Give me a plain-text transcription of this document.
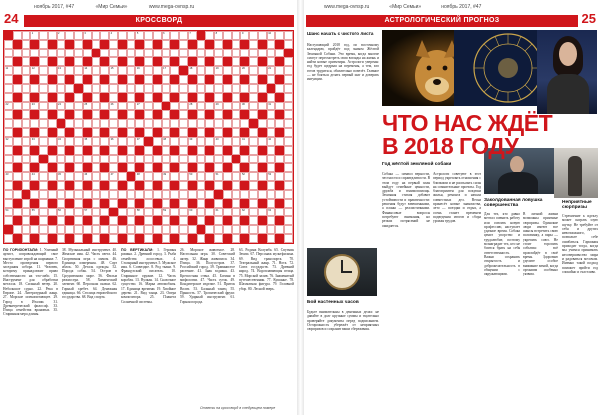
ноябрь 2017, #47	«Мир Семьи»	www.mega-ovnsp.ru
24	КРОССВОРД
1	2	3	4	5	6	7	8	9	10
11	12	13	14	15	16	17	18	19	20	21
22	23	24	25	26	27	28	29	30	31
32	33	34	35	36	37	38	39	40	41	42
43	44	45	46	47	48	49	50	51	52	53
54	55	56	57	58	59	60	61	62	63
ПО ГОРИЗОНТАЛИ: 1. Уличный артист, сопровождающий свое выступление игрой на шарманке. 7. Место проведения первого заседания собора. 11. Человек, которому принадлежит право собственности на что-либо. 15. Инструмент для обработки металла. 18. Сильный ветер. 20. Небольшое судно. 22. Река в Европе. 24. Литературный жанр. 27. Морское млекопитающее. 29. Город в Италии. 31. Древнегреческий философ. 33. Птица семейства врановых. 35. Старинная мера длины.
38. Музыкальный инструмент. 40. Женское имя. 42. Часть света. 44. Спортивная игра с мячом. 46. Единица измерения. 48. Сорт яблок. 50. Деталь одежды. 52. Порода собак. 54. Остров в Средиземном море. 56. Фильм режиссера. 58. Химический элемент. 60. Персонаж сказки. 62. Горный хребет. 64. Денежная единица. 66. Столица европейского государства. 68. Вид спорта.
ПО ВЕРТИКАЛИ: 1. Героиня романа. 2. Древний город. 3. Рыба семейства лососевых. 4. Столярный инструмент. 5. Мужское имя. 6. Созвездие. 8. Род ткани. 9. Французский писатель. 10. Старинное оружие. 12. Часть корабля. 13. Вулкан. 14. Сказочное существо. 16. Марка автомобиля. 17. Единица времени. 19. Хвойное дерево. 21. Вид танца. 23. Опера композитора. 25. Планета Солнечной системы.
26. Морское животное. 28. Настольная игра. 30. Советский актер. 32. Жанр живописи. 34. Птица. 36. Полуостров. 37. Российский город. 39. Травянистое растение. 41. Знак зодиака. 43. Крепостная стена. 45. Богиня в мифологии. 47. Часть суток. 49. Кондитерское изделие. 51. Приток Волги. 53. Бальный танец. 55. Пряность. 57. Тропический фрукт. 59. Ударный инструмент. 61. Горная порода.
63. Родина Колумба. 65. Спутник Земли. 67. Персонаж мультфильма. 69. Вид транспорта. 70. Театральный жанр. 71. Нота. 72. Союз государств. 73. Древний народ. 74. Водоплавающая птица. 75. Морской залив. 76. Знаменитый путешественник. 77. Кушанье. 78. Шахматная фигура. 79. Головной убор. 80. Лесной зверь.
Ответы на кроссворд в следующем номере
25
АСТРОЛОГИЧЕСКИЙ ПРОГНОЗ
Шанс начать с чистого листа
Наступающий 2018 год, по восточному календарю, пройдёт под знаком Жёлтой Земляной Собаки. Это время, когда многие смогут пересмотреть свои взгляды на жизнь и найти новые ориентиры. Астрологи уверены: год будет щедрым на перемены, а тем, кто готов трудиться, обязательно повезёт. Главное — не бояться делать первый шаг и доверять интуиции.
ЧТО НАС ЖДЁТ
В 2018 ГОДУ
Год жёлтой земляной собаки
Собака — символ верности, честности и справедливости. В этом году на первый план выйдут семейные ценности, дружба и взаимопомощь. Земляная стихия добавит устойчивости и практичности: решения будут взвешенными, а планы — реалистичными. Финансовые вопросы потребуют внимания, но резких потрясений не ожидается.
Астрологи советуют в этот период укреплять отношения с близкими и не распылять силы на сомнительные проекты. Год благоприятен для покупки жилья, ремонта и начала совместных дел. Весна принесёт новые знакомства, лето — поездки и отдых, а осень станет временем подведения итогов и сбора урожая трудов.
Заколдованная ловушка совершенства
Для тех, кто давно мечтал сменить работу или освоить новую профессию, наступает удачное время. Собака ценит упорство и трудолюбие, поэтому вознаградит тех, кто не боится брать на себя ответственность. Важно сохранять открытость и доброжелательность в общении с окружающими.
В личной жизни возможны приятные сюрпризы. Одинокие люди имеют все шансы встретить свою половинку, а пары — укрепить союз. Не стоит торопить события: всё произойдёт в своё время. Здоровью уделите особое внимание зимой, когда организм особенно уязвим.
Неприятные сюрпризы
Стремление к идеалу может сыграть злую шутку. Не требуйте от себя и других невозможного, позвольте себе ошибаться. Гармония приходит тогда, когда мы учимся принимать несовершенство мира и радоваться мелочам. Именно такой подход поможет пройти год спокойно и счастливо.
Бой настенных часов
Будьте внимательны в денежных делах: не давайте в долг крупные суммы и тщательно проверяйте документы перед подписанием. Осторожность убережёт от неприятных сюрпризов и сохранит ваши сбережения.
www.mega-ovnsp.ru	«Мир Семьи»	ноябрь 2017, #47
